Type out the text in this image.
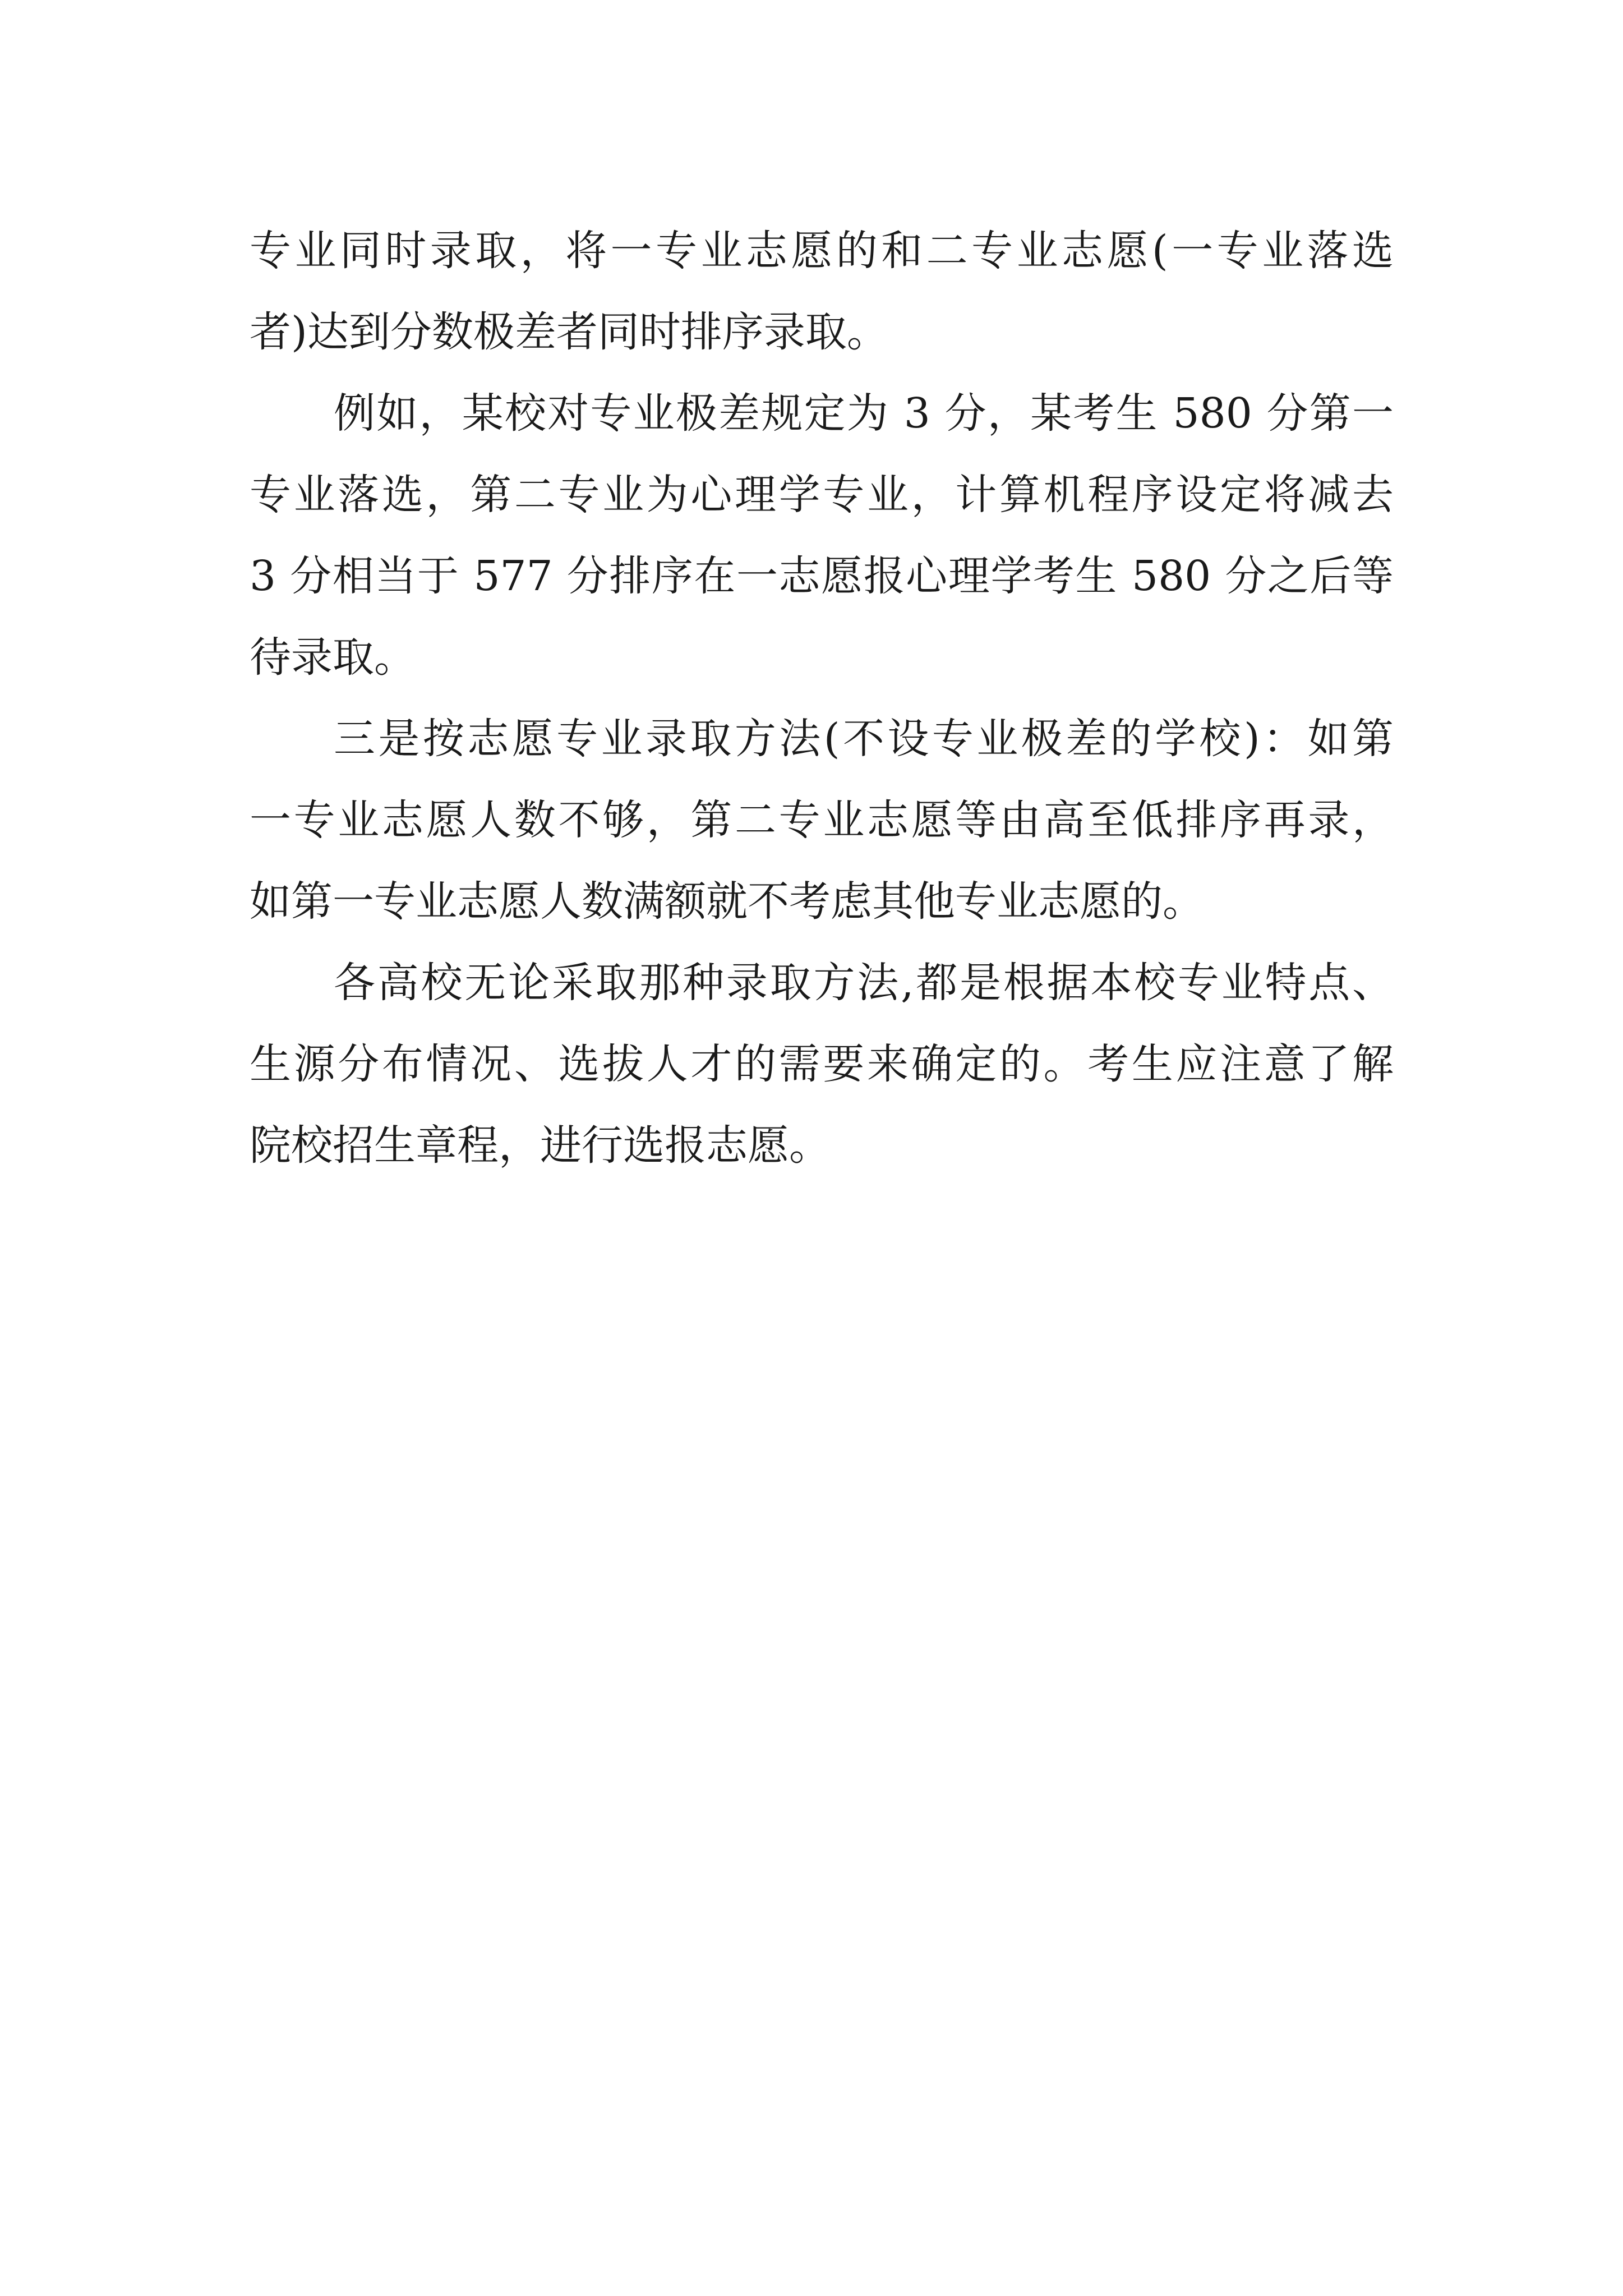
专业同时录取，将一专业志愿的和二专业志愿(一专业落选
者)达到分数极差者同时排序录取。
例如，某校对专业极差规定为 3 分，某考生 580 分第一
专业落选，第二专业为心理学专业，计算机程序设定将减去
3 分相当于 577 分排序在一志愿报心理学考生 580 分之后等
待录取。
三是按志愿专业录取方法(不设专业极差的学校)：如第
一专业志愿人数不够，第二专业志愿等由高至低排序再录，
如第一专业志愿人数满额就不考虑其他专业志愿的。
各高校无论采取那种录取方法,都是根据本校专业特点、
生源分布情况、选拔人才的需要来确定的。考生应注意了解
院校招生章程，进行选报志愿。
